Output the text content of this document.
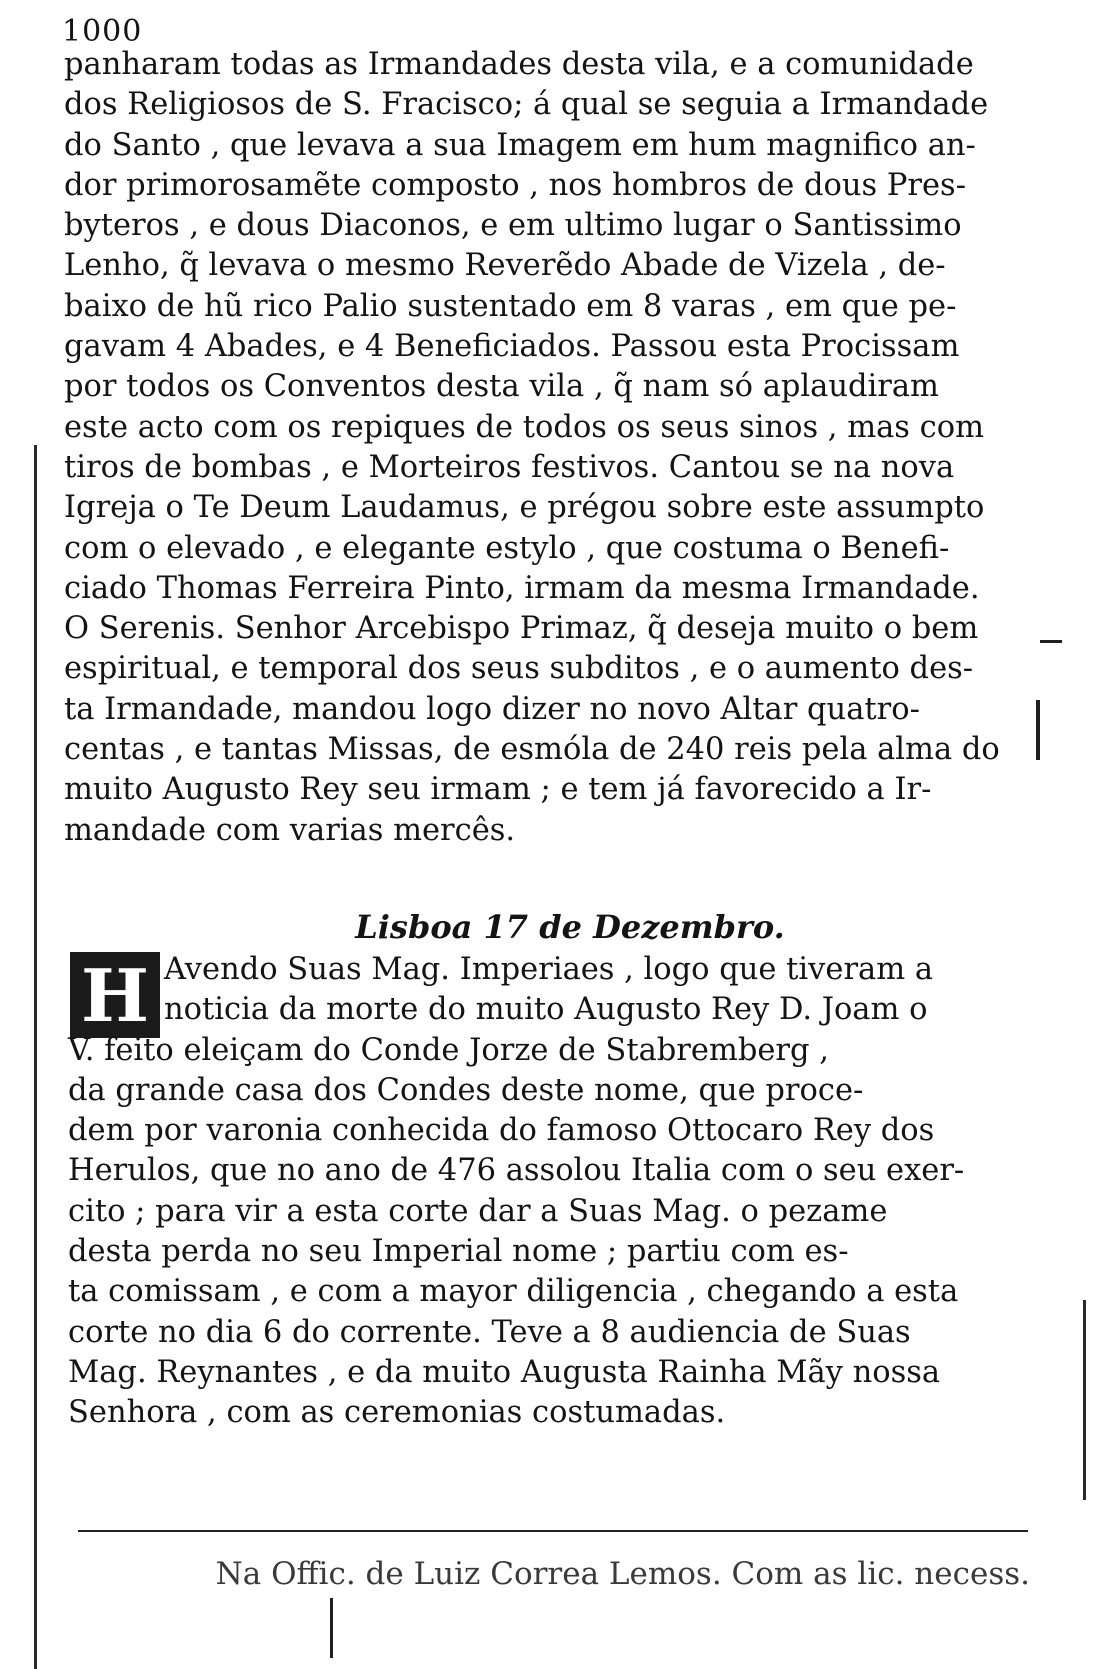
1000
panharam todas as Irmandades desta vila, e a comunidade
dos Religiosos de S. Fracisco; á qual se seguia a Irmandade
do Santo , que levava a sua Imagem em hum magnifico an-
dor primorosamẽte composto , nos hombros de dous Pres-
byteros , e dous Diaconos, e em ultimo lugar o Santissimo
Lenho, q̃ levava o mesmo Reverẽdo Abade de Vizela , de-
baixo de hũ rico Palio sustentado em 8 varas , em que pe-
gavam 4 Abades, e 4 Beneficiados. Passou esta Procissam
por todos os Conventos desta vila , q̃ nam só aplaudiram
este acto com os repiques de todos os seus sinos , mas com
tiros de bombas , e Morteiros festivos. Cantou se na nova
Igreja o Te Deum Laudamus, e prégou sobre este assumpto
com o elevado , e elegante estylo , que costuma o Benefi-
ciado Thomas Ferreira Pinto, irmam da mesma Irmandade.
O Serenis. Senhor Arcebispo Primaz, q̃ deseja muito o bem
espiritual, e temporal dos seus subditos , e o aumento des-
ta Irmandade, mandou logo dizer no novo Altar quatro-
centas , e tantas Missas, de esmóla de 240 reis pela alma do
muito Augusto Rey seu irmam ; e tem já favorecido a Ir-
mandade com varias mercês.
Lisboa 17 de Dezembro.
H Avendo Suas Mag. Imperiaes , logo que tiveram a
noticia da morte do muito Augusto Rey D. Joam o
V. feito eleiçam do Conde Jorze de Stabremberg ,
da grande casa dos Condes deste nome, que proce-
dem por varonia conhecida do famoso Ottocaro Rey dos
Herulos, que no ano de 476 assolou Italia com o seu exer-
cito ; para vir a esta corte dar a Suas Mag. o pezame
desta perda no seu Imperial nome ; partiu com es-
ta comissam , e com a mayor diligencia , chegando a esta
corte no dia 6 do corrente. Teve a 8 audiencia de Suas
Mag. Reynantes , e da muito Augusta Rainha Mãy nossa
Senhora , com as ceremonias costumadas.
Na Offic. de Luiz Correa Lemos. Com as lic. necess.
